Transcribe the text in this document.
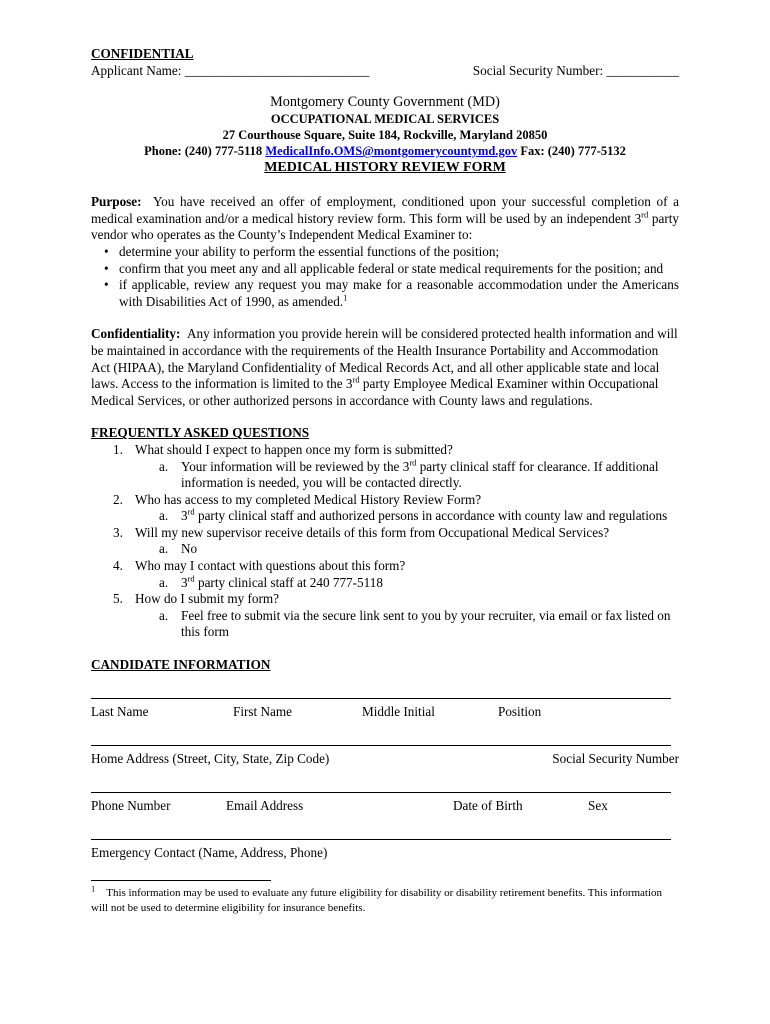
CONFIDENTIAL
Applicant Name: ____________________________	Social Security Number: ___________
Montgomery County Government (MD)
OCCUPATIONAL MEDICAL SERVICES
27 Courthouse Square, Suite 184, Rockville, Maryland 20850
Phone: (240) 777-5118 MedicalInfo.OMS@montgomerycountymd.gov Fax: (240) 777-5132
MEDICAL HISTORY REVIEW FORM

Purpose: You have received an offer of employment, conditioned upon your successful completion of a medical examination and/or a medical history review form. This form will be used by an independent 3rd party vendor who operates as the County’s Independent Medical Examiner to:

• determine your ability to perform the essential functions of the position;
• confirm that you meet any and all applicable federal or state medical requirements for the position; and
• if applicable, review any request you may make for a reasonable accommodation under the Americans with Disabilities Act of 1990, as amended.$^1$

Confidentiality: Any information you provide herein will be considered protected health information and will be maintained in accordance with the requirements of the Health Insurance Portability and Accommodation Act (HIPAA), the Maryland Confidentiality of Medical Records Act, and all other applicable state and local laws. Access to the information is limited to the 3rd party Employee Medical Examiner within Occupational Medical Services, or other authorized persons in accordance with County laws and regulations.

FREQUENTLY ASKED QUESTIONS
1. What should I expect to happen once my form is submitted?
a. Your information will be reviewed by the 3rd party clinical staff for clearance. If additional information is needed, you will be contacted directly.
2. Who has access to my completed Medical History Review Form?
a. 3rd party clinical staff and authorized persons in accordance with county law and regulations
3. Will my new supervisor receive details of this form from Occupational Medical Services?
a. No
4. Who may I contact with questions about this form?
a. 3rd party clinical staff at 240 777-5118
5. How do I submit my form?
a. Feel free to submit via the secure link sent to you by your recruiter, via email or fax listed on this form
CANDIDATE INFORMATION
Last Name	First Name	Middle Initial	Position
Home Address (Street, City, State, Zip Code)	Social Security Number
Phone Number	Email Address	Date of Birth	Sex
Emergency Contact (Name, Address, Phone)
$^1$ This information may be used to evaluate any future eligibility for disability or disability retirement benefits. This information will not be used to determine eligibility for insurance benefits.
